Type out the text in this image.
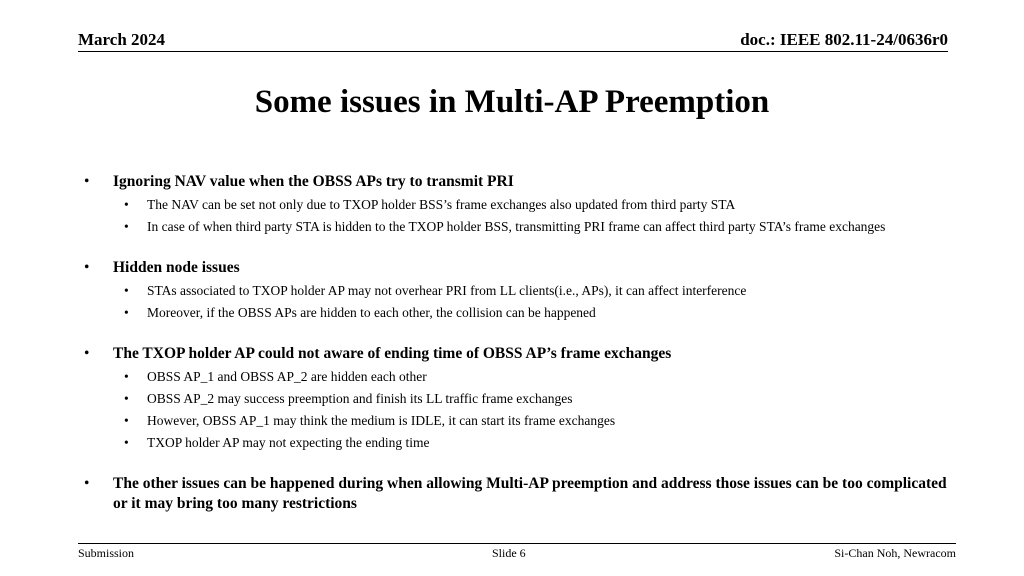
March 2024	doc.: IEEE 802.11-24/0636r0
Some issues in Multi-AP Preemption
• Ignoring NAV value when the OBSS APs try to transmit PRI
• The NAV can be set not only due to TXOP holder BSS’s frame exchanges also updated from third party STA
• In case of when third party STA is hidden to the TXOP holder BSS, transmitting PRI frame can affect third party STA’s frame exchanges
• Hidden node issues
• STAs associated to TXOP holder AP may not overhear PRI from LL clients(i.e., APs), it can affect interference
• Moreover, if the OBSS APs are hidden to each other, the collision can be happened
• The TXOP holder AP could not aware of ending time of OBSS AP’s frame exchanges
• OBSS AP_1 and OBSS AP_2 are hidden each other
• OBSS AP_2 may success preemption and finish its LL traffic frame exchanges
• However, OBSS AP_1 may think the medium is IDLE, it can start its frame exchanges
• TXOP holder AP may not expecting the ending time
• The other issues can be happened during when allowing Multi-AP preemption and address those issues can be too complicated or it may bring too many restrictions
Submission	Slide 6	Si-Chan Noh, Newracom
